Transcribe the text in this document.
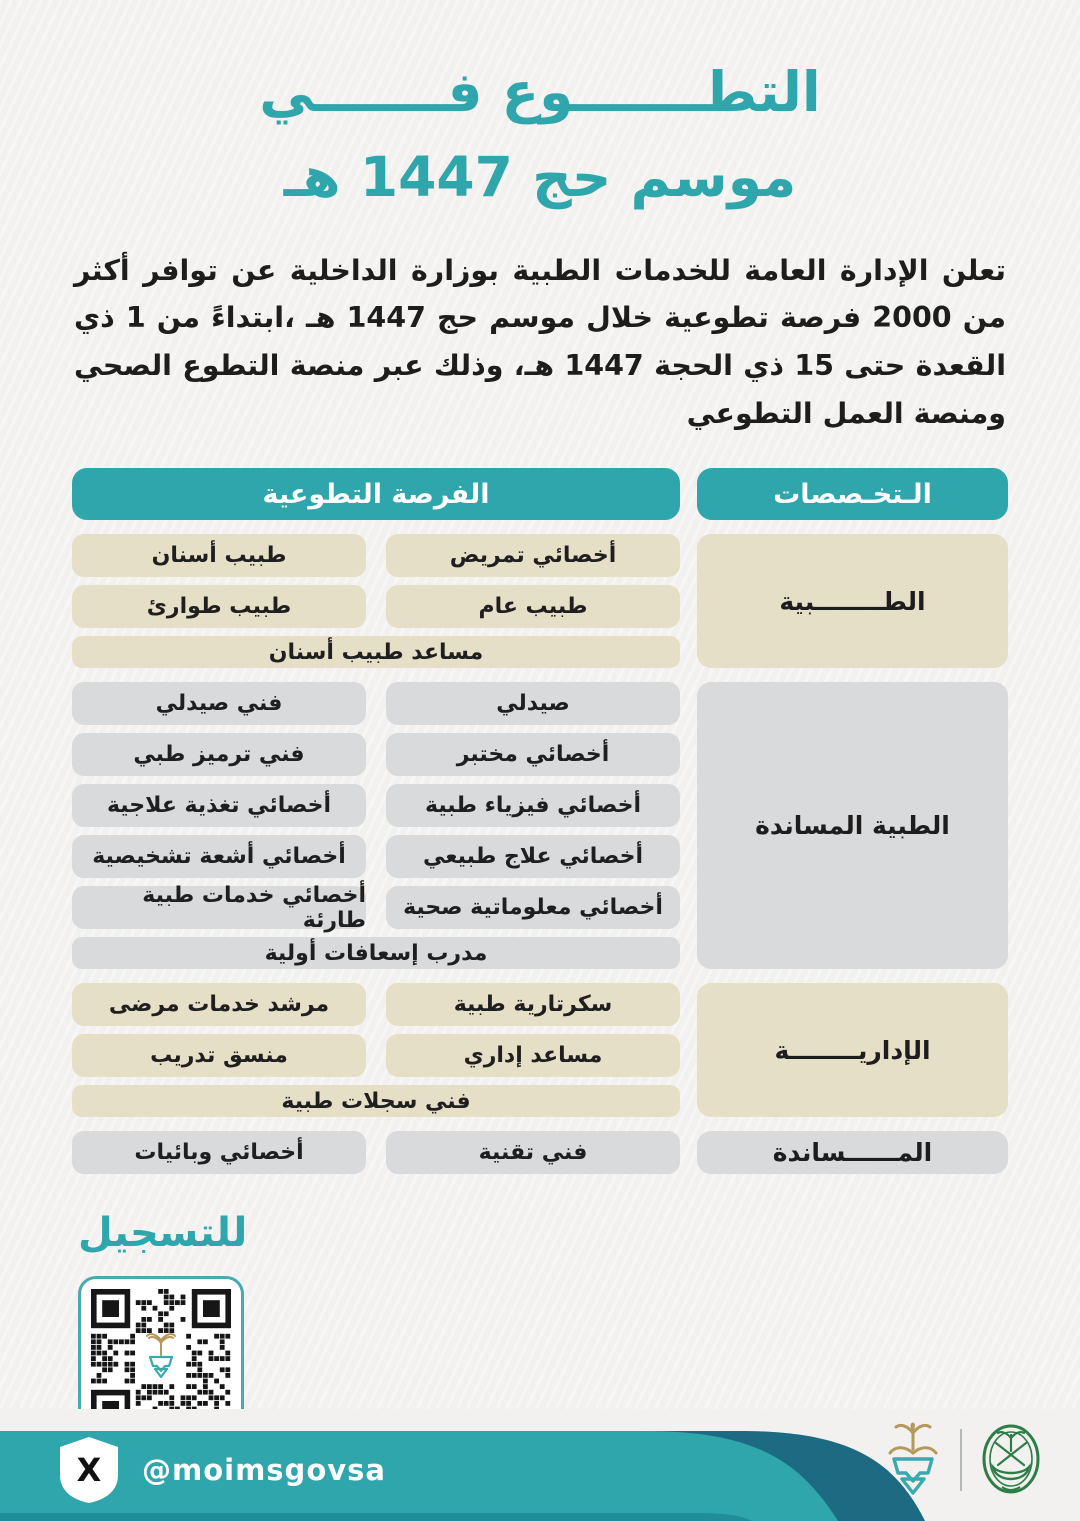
التطـــــــوع فـــــــي
موسم حج 1447 هـ

تعلن الإدارة العامة للخدمات الطبية بوزارة الداخلية عن توافر أكثر من 2000 فرصة تطوعية خلال موسم حج 1447 هـ ،ابتداءً من 1 ذي القعدة حتى 15 ذي الحجة 1447 هـ، وذلك عبر منصة التطوع الصحي ومنصة العمل التطوعي

الـتخـصصات
الفرصة التطوعية
الطــــــــبية
أخصائي تمريض
طبيب أسنان
طبيب عام
طبيب طوارئ
مساعد طبيب أسنان
الطبية المساندة
صيدلي
فني صيدلي
أخصائي مختبر
فني ترميز طبي
أخصائي فيزياء طبية
أخصائي تغذية علاجية
أخصائي علاج طبيعي
أخصائي أشعة تشخيصية
أخصائي معلوماتية صحية
أخصائي خدمات طبية طارئة
مدرب إسعافات أولية
الإداريــــــــة
سكرتارية طبية
مرشد خدمات مرضى
مساعد إداري
منسق تدريب
فني سجلات طبية
المــــــساندة
فني تقنية
أخصائي وبائيات
للتسجيل
X @moimsgovsa
